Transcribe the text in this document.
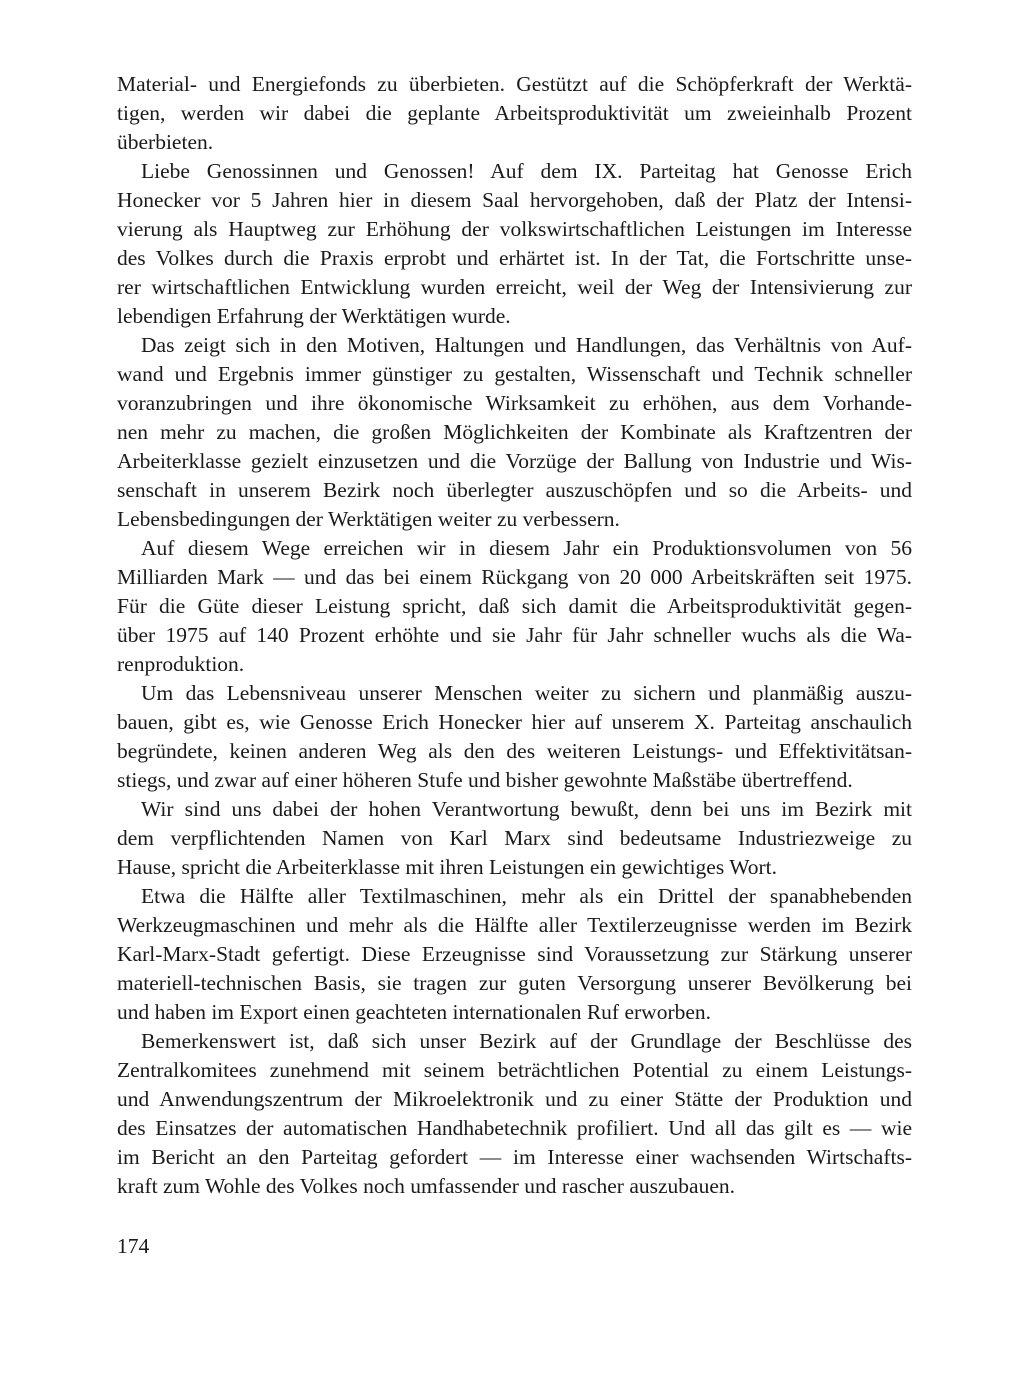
Material- und Energiefonds zu überbieten. Gestützt auf die Schöpferkraft der Werktä-
tigen, werden wir dabei die geplante Arbeitsproduktivität um zweieinhalb Prozent
überbieten.

Liebe Genossinnen und Genossen! Auf dem IX. Parteitag hat Genosse Erich
Honecker vor 5 Jahren hier in diesem Saal hervorgehoben, daß der Platz der Intensi-
vierung als Hauptweg zur Erhöhung der volkswirtschaftlichen Leistungen im Interesse
des Volkes durch die Praxis erprobt und erhärtet ist. In der Tat, die Fortschritte unse-
rer wirtschaftlichen Entwicklung wurden erreicht, weil der Weg der Intensivierung zur
lebendigen Erfahrung der Werktätigen wurde.

Das zeigt sich in den Motiven, Haltungen und Handlungen, das Verhältnis von Auf-
wand und Ergebnis immer günstiger zu gestalten, Wissenschaft und Technik schneller
voranzubringen und ihre ökonomische Wirksamkeit zu erhöhen, aus dem Vorhande-
nen mehr zu machen, die großen Möglichkeiten der Kombinate als Kraftzentren der
Arbeiterklasse gezielt einzusetzen und die Vorzüge der Ballung von Industrie und Wis-
senschaft in unserem Bezirk noch überlegter auszuschöpfen und so die Arbeits- und
Lebensbedingungen der Werktätigen weiter zu verbessern.

Auf diesem Wege erreichen wir in diesem Jahr ein Produktionsvolumen von 56
Milliarden Mark — und das bei einem Rückgang von 20 000 Arbeitskräften seit 1975.
Für die Güte dieser Leistung spricht, daß sich damit die Arbeitsproduktivität gegen-
über 1975 auf 140 Prozent erhöhte und sie Jahr für Jahr schneller wuchs als die Wa-
renproduktion.

Um das Lebensniveau unserer Menschen weiter zu sichern und planmäßig auszu-
bauen, gibt es, wie Genosse Erich Honecker hier auf unserem X. Parteitag anschaulich
begründete, keinen anderen Weg als den des weiteren Leistungs- und Effektivitätsan-
stiegs, und zwar auf einer höheren Stufe und bisher gewohnte Maßstäbe übertreffend.

Wir sind uns dabei der hohen Verantwortung bewußt, denn bei uns im Bezirk mit
dem verpflichtenden Namen von Karl Marx sind bedeutsame Industriezweige zu
Hause, spricht die Arbeiterklasse mit ihren Leistungen ein gewichtiges Wort.

Etwa die Hälfte aller Textilmaschinen, mehr als ein Drittel der spanabhebenden
Werkzeugmaschinen und mehr als die Hälfte aller Textilerzeugnisse werden im Bezirk
Karl-Marx-Stadt gefertigt. Diese Erzeugnisse sind Voraussetzung zur Stärkung unserer
materiell-technischen Basis, sie tragen zur guten Versorgung unserer Bevölkerung bei
und haben im Export einen geachteten internationalen Ruf erworben.

Bemerkenswert ist, daß sich unser Bezirk auf der Grundlage der Beschlüsse des
Zentralkomitees zunehmend mit seinem beträchtlichen Potential zu einem Leistungs-
und Anwendungszentrum der Mikroelektronik und zu einer Stätte der Produktion und
des Einsatzes der automatischen Handhabetechnik profiliert. Und all das gilt es — wie
im Bericht an den Parteitag gefordert — im Interesse einer wachsenden Wirtschafts-
kraft zum Wohle des Volkes noch umfassender und rascher auszubauen.

174
